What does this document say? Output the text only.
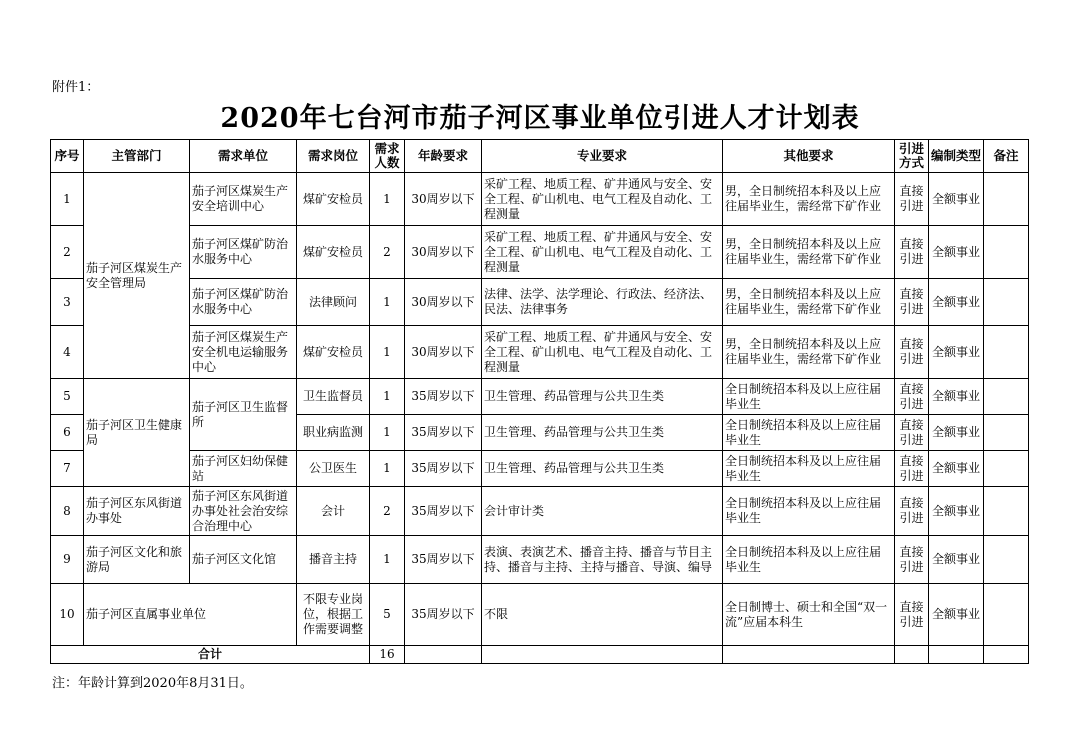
附件1：
2020年七台河市茄子河区事业单位引进人才计划表
序号	主管部门	需求单位	需求岗位	需求人数	年龄要求	专业要求	其他要求	引进方式	编制类型	备注
1	茄子河区煤炭生产安全管理局	茄子河区煤炭生产安全培训中心	煤矿安检员	1	30周岁以下	采矿工程、地质工程、矿井通风与安全、安全工程、矿山机电、电气工程及自动化、工程测量	男，全日制统招本科及以上应往届毕业生，需经常下矿作业	直接引进	全额事业	
2		茄子河区煤矿防治水服务中心	煤矿安检员	2	30周岁以下	采矿工程、地质工程、矿井通风与安全、安全工程、矿山机电、电气工程及自动化、工程测量	男，全日制统招本科及以上应往届毕业生，需经常下矿作业	直接引进	全额事业	
3		茄子河区煤矿防治水服务中心	法律顾问	1	30周岁以下	法律、法学、法学理论、行政法、经济法、民法、法律事务	男，全日制统招本科及以上应往届毕业生，需经常下矿作业	直接引进	全额事业	
4		茄子河区煤炭生产安全机电运输服务中心	煤矿安检员	1	30周岁以下	采矿工程、地质工程、矿井通风与安全、安全工程、矿山机电、电气工程及自动化、工程测量	男，全日制统招本科及以上应往届毕业生，需经常下矿作业	直接引进	全额事业	
5	茄子河区卫生健康局	茄子河区卫生监督所	卫生监督员	1	35周岁以下	卫生管理、药品管理与公共卫生类	全日制统招本科及以上应往届毕业生	直接引进	全额事业	
6			职业病监测	1	35周岁以下	卫生管理、药品管理与公共卫生类	全日制统招本科及以上应往届毕业生	直接引进	全额事业	
7		茄子河区妇幼保健站	公卫医生	1	35周岁以下	卫生管理、药品管理与公共卫生类	全日制统招本科及以上应往届毕业生	直接引进	全额事业	
8	茄子河区东风街道办事处	茄子河区东风街道办事处社会治安综合治理中心	会计	2	35周岁以下	会计审计类	全日制统招本科及以上应往届毕业生	直接引进	全额事业	
9	茄子河区文化和旅游局	茄子河区文化馆	播音主持	1	35周岁以下	表演、表演艺术、播音主持、播音与节目主持、播音与主持、主持与播音、导演、编导	全日制统招本科及以上应往届毕业生	直接引进	全额事业	
10	茄子河区直属事业单位		不限专业岗位，根据工作需要调整	5	35周岁以下	不限	全日制博士、硕士和全国“双一流”应届本科生	直接引进	全额事业	
合计				16						
注：年龄计算到2020年8月31日。
